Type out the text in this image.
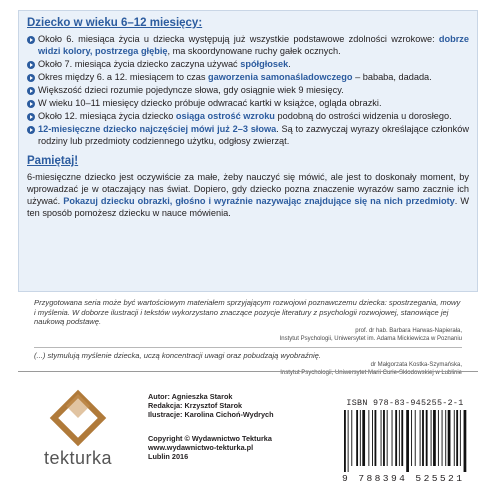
Dziecko w wieku 6–12 miesięcy:
Około 6. miesiąca życia u dziecka występują już wszystkie podstawowe zdolności wzrokowe: dobrze widzi kolory, postrzega głębię, ma skoordynowane ruchy gałek ocznych.
Około 7. miesiąca życia dziecko zaczyna używać spółgłosek.
Okres między 6. a 12. miesiącem to czas gaworzenia samonaśladowczego – bababa, dadada.
Większość dzieci rozumie pojedyncze słowa, gdy osiągnie wiek 9 miesięcy.
W wieku 10–11 miesięcy dziecko próbuje odwracać kartki w książce, ogląda obrazki.
Około 12. miesiąca życia dziecko osiąga ostrość wzroku podobną do ostrości widzenia u dorosłego.
12-miesięczne dziecko najczęściej mówi już 2–3 słowa. Są to zazwyczaj wyrazy określające członków rodziny lub przedmioty codziennego użytku, odgłosy zwierząt.
Pamiętaj!

6-miesięczne dziecko jest oczywiście za małe, żeby nauczyć się mówić, ale jest to doskonały moment, by wprowadzać je w otaczający nas świat. Dopiero, gdy dziecko pozna znaczenie wyrazów samo zacznie ich używać. Pokazuj dziecku obrazki, głośno i wyraźnie nazywając znajdujące się na nich przedmioty. W ten sposób pomożesz dziecku w nauce mówienia.

Przygotowana seria może być wartościowym materiałem sprzyjającym rozwojowi poznawczemu dziecka: spostrzegania, mowy i myślenia. W doborze ilustracji i tekstów wykorzystano znaczące pozycje literatury z psychologii rozwojowej, stanowiące jej naukową podstawę.

prof. dr hab. Barbara Harwas-Napierała,

Instytut Psychologii, Uniwersytet im. Adama Mickiewicza w Poznaniu

(...) stymulują myślenie dziecka, uczą koncentracji uwagi oraz pobudzają wyobraźnię.

dr Małgorzata Kostka-Szymańska,

Instytut Psychologii, Uniwersytet Marii Curie-Skłodowskiej w Lublinie

tekturka
Autor: Agnieszka Starok
Redakcja: Krzysztof Starok
Ilustracje: Karolina Cichoń-Wydrych
Copyright © Wydawnictwo Tekturka
www.wydawnictwo-tekturka.pl
Lublin 2016
ISBN 978-83-945255-2-1
9 788394 525521
